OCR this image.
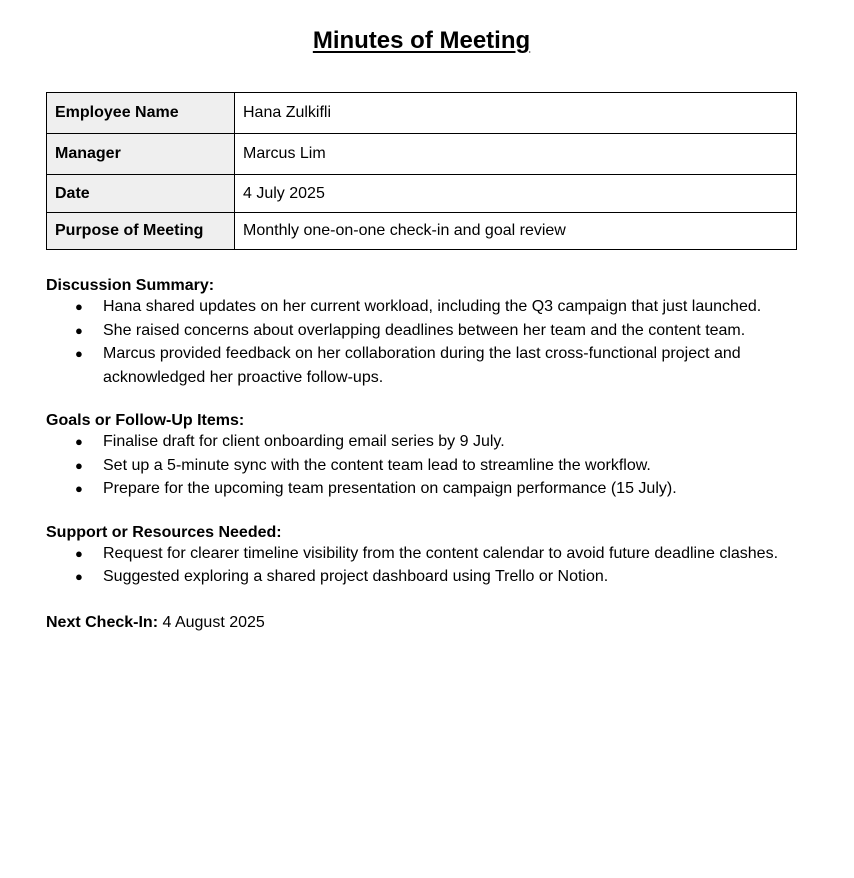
Minutes of Meeting
Employee Name	Hana Zulkifli
Manager	Marcus Lim
Date	4 July 2025
Purpose of Meeting	Monthly one-on-one check-in and goal review
Discussion Summary:
● Hana shared updates on her current workload, including the Q3 campaign that just launched.
● She raised concerns about overlapping deadlines between her team and the content team.
● Marcus provided feedback on her collaboration during the last cross-functional project and acknowledged her proactive follow-ups.
Goals or Follow-Up Items:
● Finalise draft for client onboarding email series by 9 July.
● Set up a 5-minute sync with the content team lead to streamline the workflow.
● Prepare for the upcoming team presentation on campaign performance (15 July).
Support or Resources Needed:
● Request for clearer timeline visibility from the content calendar to avoid future deadline clashes.
● Suggested exploring a shared project dashboard using Trello or Notion.
Next Check-In: 4 August 2025
